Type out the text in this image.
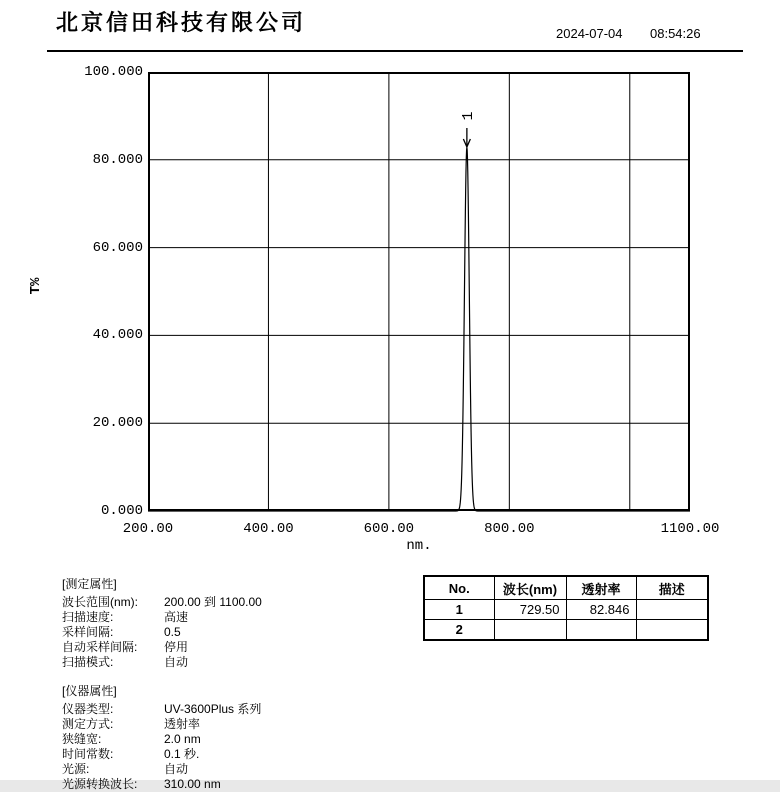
北京信田科技有限公司	2024-07-04 08:54:26
T%
1
0.000
20.000
40.000
60.000
80.000
100.000
200.00	400.00	600.00	800.00	1100.00
nm.
[测定属性]
波长范围(nm): 200.00 到 1100.00
扫描速度:	高速
采样间隔:	0.5
自动采样间隔: 停用
扫描模式:	自动
[仪器属性]
仪器类型:	UV-3600Plus 系列
测定方式:	透射率
狭缝宽:	2.0 nm
时间常数:	0.1 秒.
光源:	自动
光源转换波长: 310.00 nm
No.	波长(nm)	透射率	描述
1	729.50	82.846	
2			
